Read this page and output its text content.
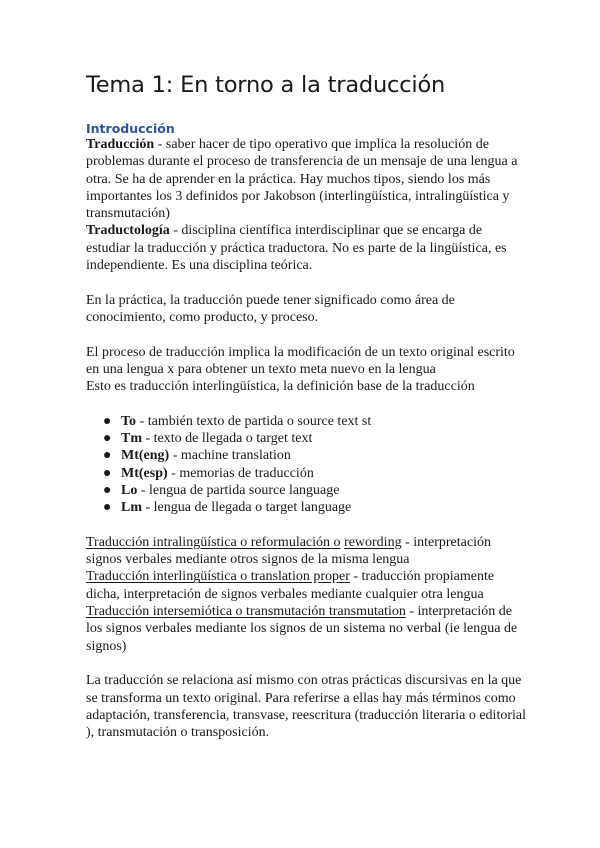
Tema 1: En torno a la traducción
Introducción

Traducción - saber hacer de tipo operativo que implica la resolución de problemas durante el proceso de transferencia de un mensaje de una lengua a otra. Se ha de aprender en la práctica. Hay muchos tipos, siendo los más importantes los 3 definidos por Jakobson (interlingüística, intralingüística y transmutación)

Traductología - disciplina científica interdisciplinar que se encarga de estudiar la traducción y práctica traductora. No es parte de la lingüística, es independiente. Es una disciplina teórica.

En la práctica, la traducción puede tener significado como área de conocimiento, como producto, y proceso.

El proceso de traducción implica la modificación de un texto original escrito en una lengua x para obtener un texto meta nuevo en la lengua

Esto es traducción interlingüística, la definición base de la traducción

● To - también texto de partida o source text st
● Tm - texto de llegada o target text
● Mt(eng) - machine translation
● Mt(esp) - memorias de traducción
● Lo - lengua de partida source language
● Lm - lengua de llegada o target language

Traducción intralingüística o reformulación o rewording - interpretación signos verbales mediante otros signos de la misma lengua

Traducción interlingüística o translation proper - traducción propiamente dicha, interpretación de signos verbales mediante cualquier otra lengua

Traducción intersemiótica o transmutación transmutation - interpretación de los signos verbales mediante los signos de un sistema no verbal (ie lengua de signos)

La traducción se relaciona así mismo con otras prácticas discursivas en la que se transforma un texto original. Para referirse a ellas hay más términos como adaptación, transferencia, transvase, reescritura (traducción literaria o editorial ), transmutación o transposición.
